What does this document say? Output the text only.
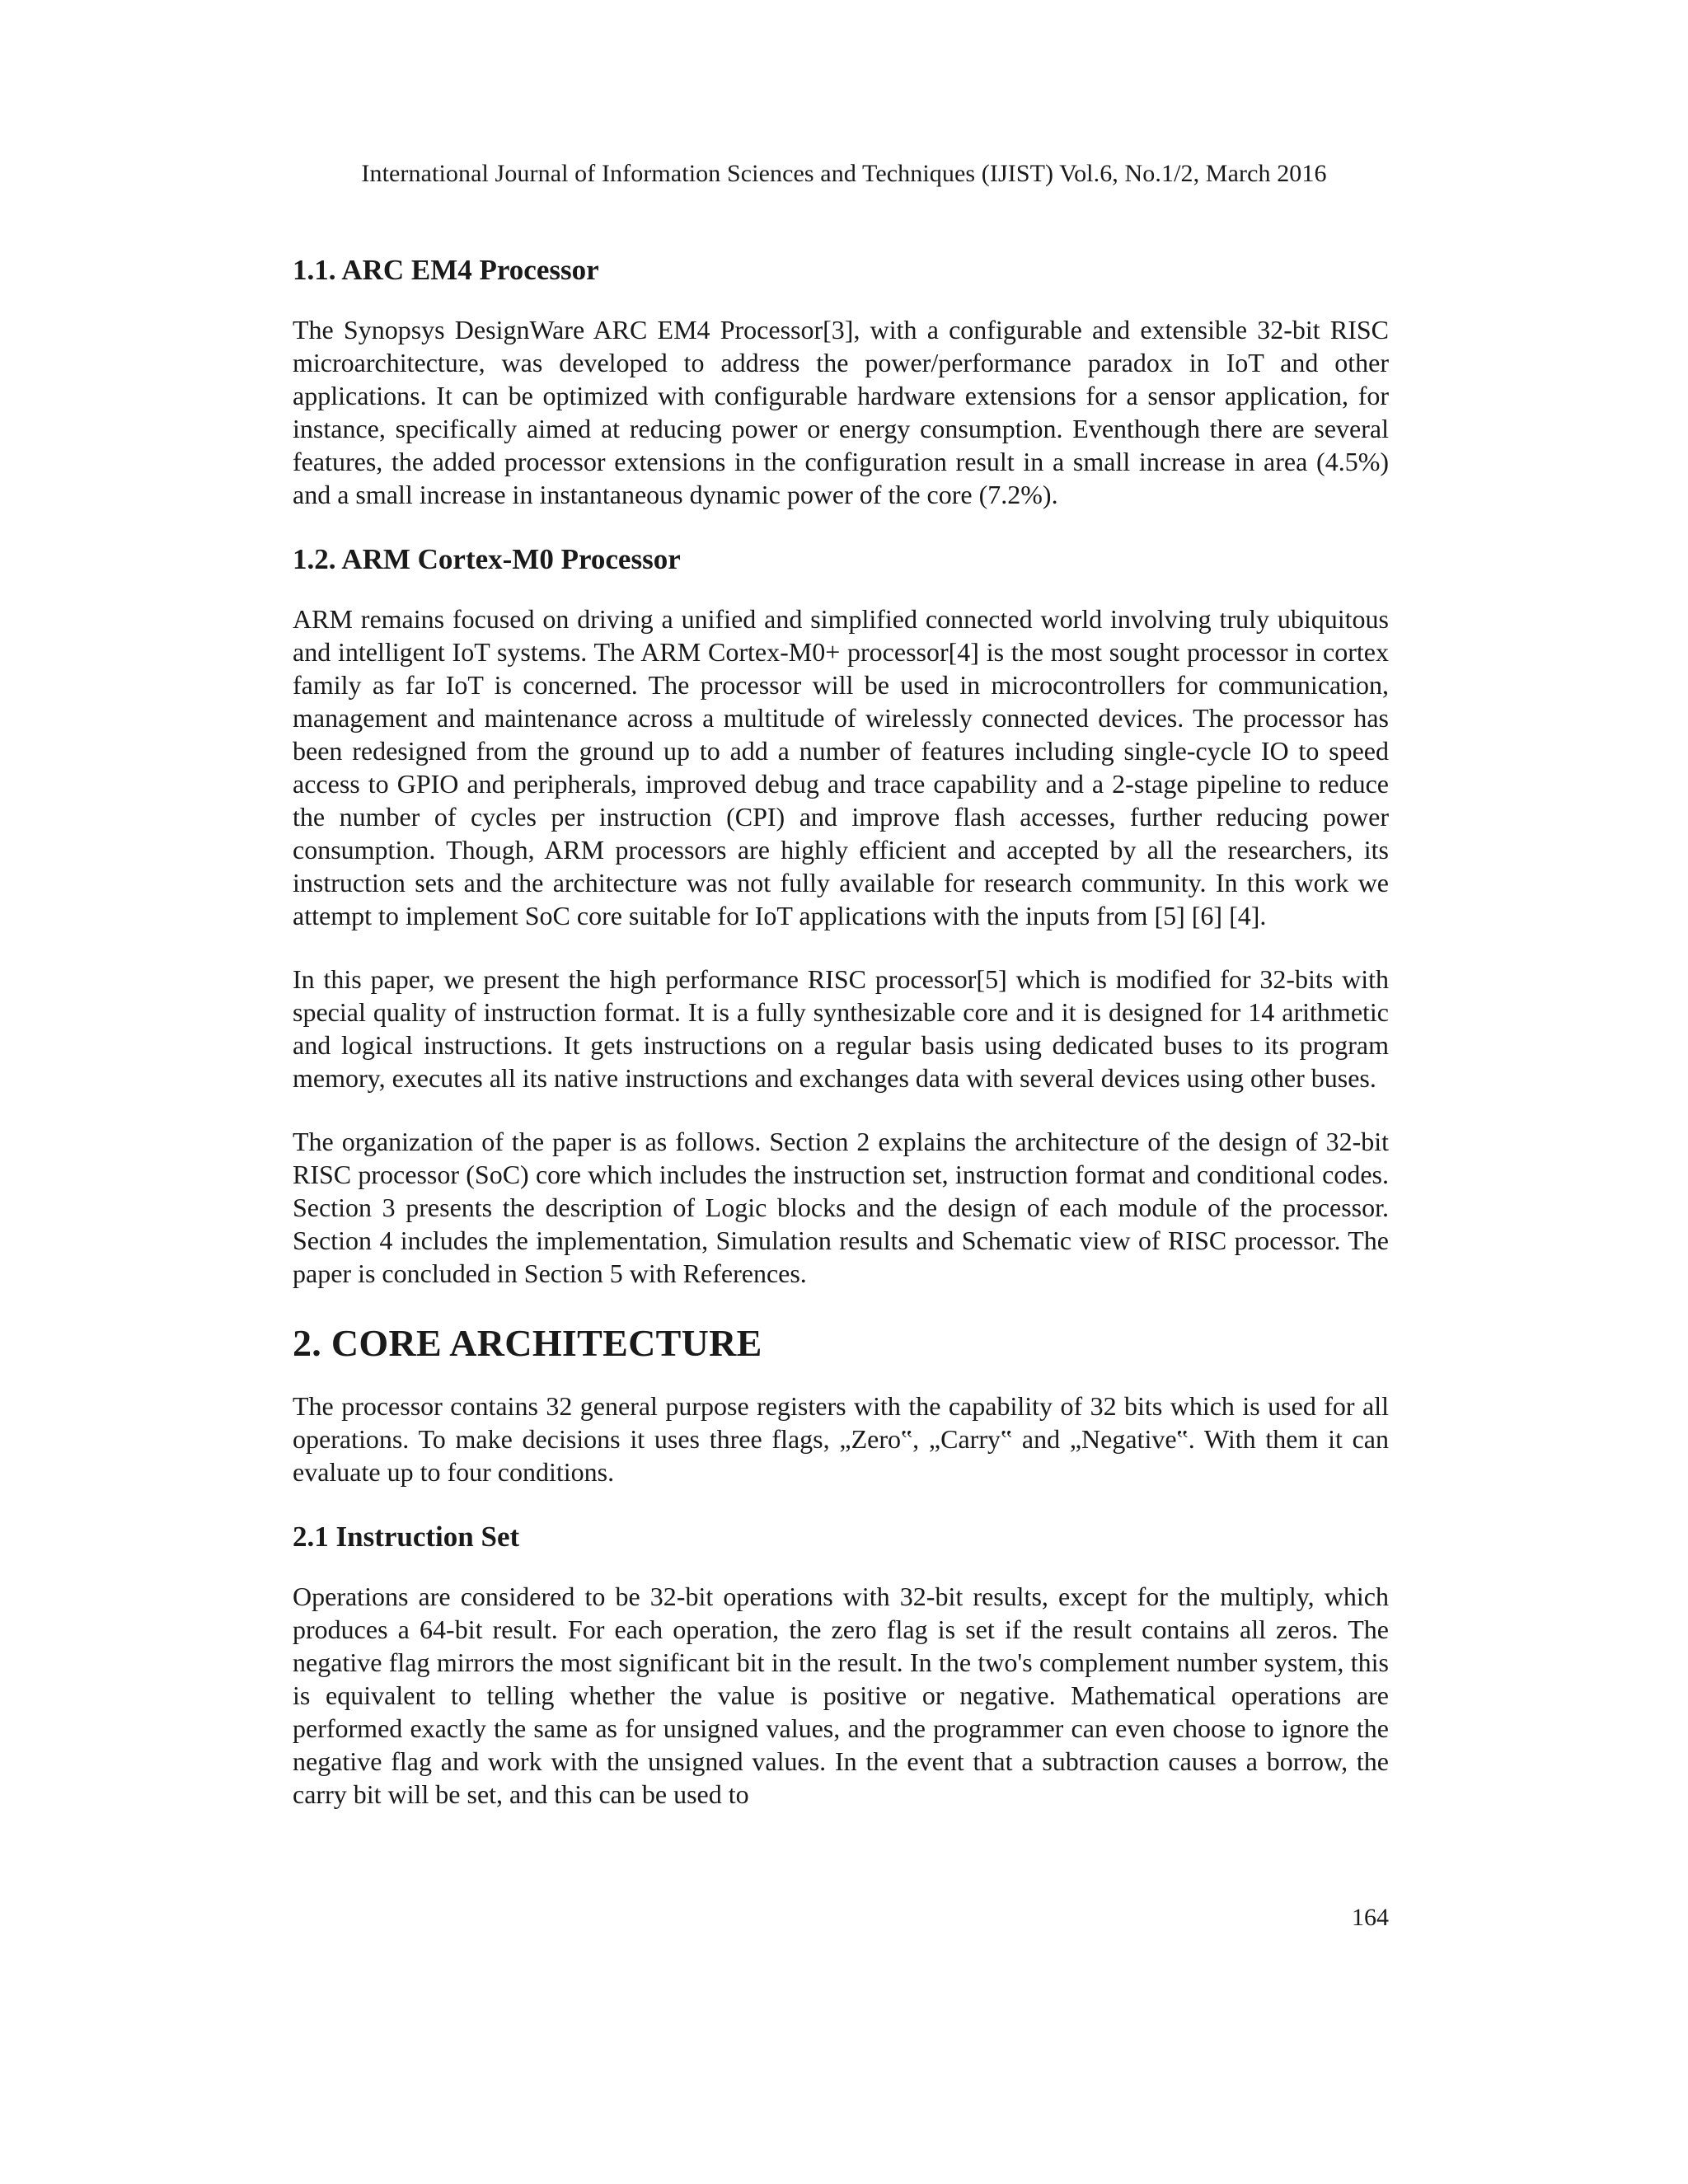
International Journal of Information Sciences and Techniques (IJIST) Vol.6, No.1/2, March 2016
1.1. ARC EM4 Processor

The Synopsys DesignWare ARC EM4 Processor[3], with a configurable and extensible 32-bit RISC microarchitecture, was developed to address the power/performance paradox in IoT and other applications. It can be optimized with configurable hardware extensions for a sensor application, for instance, specifically aimed at reducing power or energy consumption. Eventhough there are several features, the added processor extensions in the configuration result in a small increase in area (4.5%) and a small increase in instantaneous dynamic power of the core (7.2%).

1.2. ARM Cortex-M0 Processor

ARM remains focused on driving a unified and simplified connected world involving truly ubiquitous and intelligent IoT systems. The ARM Cortex-M0+ processor[4] is the most sought processor in cortex family as far IoT is concerned. The processor will be used in microcontrollers for communication, management and maintenance across a multitude of wirelessly connected devices. The processor has been redesigned from the ground up to add a number of features including single-cycle IO to speed access to GPIO and peripherals, improved debug and trace capability and a 2-stage pipeline to reduce the number of cycles per instruction (CPI) and improve flash accesses, further reducing power consumption. Though, ARM processors are highly efficient and accepted by all the researchers, its instruction sets and the architecture was not fully available for research community. In this work we attempt to implement SoC core suitable for IoT applications with the inputs from [5] [6] [4].

In this paper, we present the high performance RISC processor[5] which is modified for 32-bits with special quality of instruction format. It is a fully synthesizable core and it is designed for 14 arithmetic and logical instructions. It gets instructions on a regular basis using dedicated buses to its program memory, executes all its native instructions and exchanges data with several devices using other buses.

The organization of the paper is as follows. Section 2 explains the architecture of the design of 32-bit RISC processor (SoC) core which includes the instruction set, instruction format and conditional codes. Section 3 presents the description of Logic blocks and the design of each module of the processor. Section 4 includes the implementation, Simulation results and Schematic view of RISC processor. The paper is concluded in Section 5 with References.

2. CORE ARCHITECTURE

The processor contains 32 general purpose registers with the capability of 32 bits which is used for all operations. To make decisions it uses three flags, „Zero‟, „Carry‟ and „Negative‟. With them it can evaluate up to four conditions.

2.1 Instruction Set

Operations are considered to be 32-bit operations with 32-bit results, except for the multiply, which produces a 64-bit result. For each operation, the zero flag is set if the result contains all zeros. The negative flag mirrors the most significant bit in the result. In the two's complement number system, this is equivalent to telling whether the value is positive or negative. Mathematical operations are performed exactly the same as for unsigned values, and the programmer can even choose to ignore the negative flag and work with the unsigned values. In the event that a subtraction causes a borrow, the carry bit will be set, and this can be used to

164
